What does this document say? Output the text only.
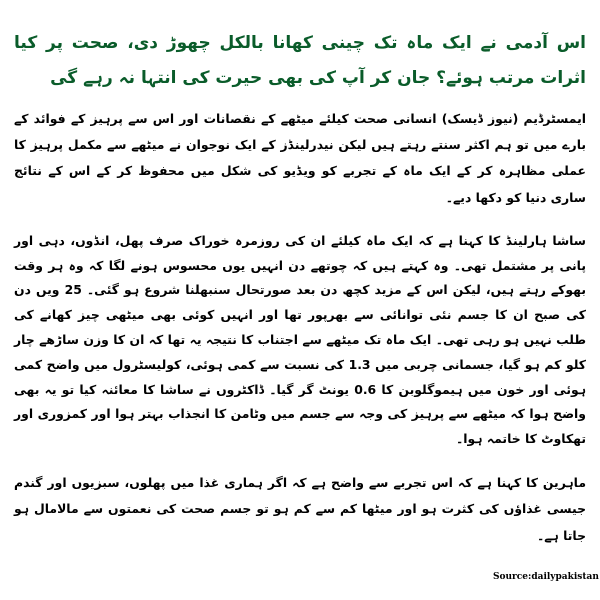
اس آدمی نے ایک ماہ تک چینی کھانا بالکل چھوڑ دی، صحت پر کیا اثرات مرتب ہوئے؟ جان کر آپ کی بھی حیرت کی انتہا نہ رہے گی

ایمسٹرڈیم (نیوز ڈیسک) انسانی صحت کیلئے میٹھے کے نقصانات اور اس سے پرہیز کے فوائد کے بارے میں تو ہم اکثر سنتے رہتے ہیں لیکن نیدرلینڈز کے ایک نوجوان نے میٹھے سے مکمل پرہیز کا عملی مظاہرہ کر کے ایک ماہ کے تجربے کو ویڈیو کی شکل میں محفوظ کر کے اس کے نتائج ساری دنیا کو دکھا دیے۔

ساشا ہارلینڈ کا کہنا ہے کہ ایک ماہ کیلئے ان کی روزمرہ خوراک صرف پھل، انڈوں، دہی اور پانی پر مشتمل تھی۔ وہ کہتے ہیں کہ چوتھے دن انہیں یوں محسوس ہونے لگا کہ وہ ہر وقت بھوکے رہتے ہیں، لیکن اس کے مزید کچھ دن بعد صورتحال سنبھلنا شروع ہو گئی۔ 25 ویں دن کی صبح ان کا جسم نئی توانائی سے بھرپور تھا اور انہیں کوئی بھی میٹھی چیز کھانے کی طلب نہیں ہو رہی تھی۔ ایک ماہ تک میٹھے سے اجتناب کا نتیجہ یہ تھا کہ ان کا وزن ساڑھے چار کلو کم ہو گیا، جسمانی چربی میں 1.3 کی نسبت سے کمی ہوئی، کولیسٹرول میں واضح کمی ہوئی اور خون میں ہیموگلوبن کا 0.6 یونٹ گر گیا۔ ڈاکٹروں نے ساشا کا معائنہ کیا تو یہ بھی واضح ہوا کہ میٹھے سے پرہیز کی وجہ سے جسم میں وٹامن کا انجذاب بہتر ہوا اور کمزوری اور تھکاوٹ کا خاتمہ ہوا۔

ماہرین کا کہنا ہے کہ اس تجربے سے واضح ہے کہ اگر ہماری غذا میں پھلوں، سبزیوں اور گندم جیسی غذاؤں کی کثرت ہو اور میٹھا کم سے کم ہو تو جسم صحت کی نعمتوں سے مالامال ہو جاتا ہے۔

Source:dailypakistan
